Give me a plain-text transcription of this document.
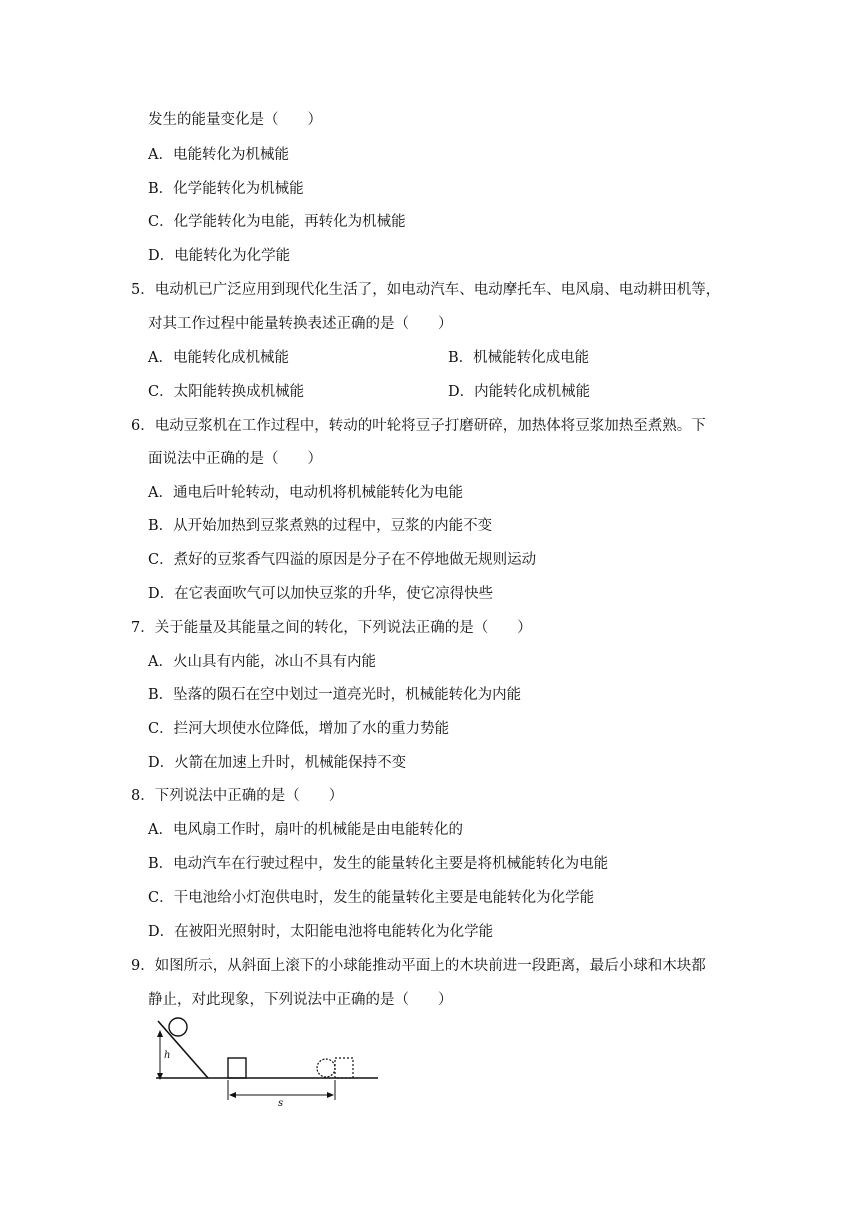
发生的能量变化是（　　）
A．电能转化为机械能
B．化学能转化为机械能
C．化学能转化为电能，再转化为机械能
D．电能转化为化学能
5．电动机已广泛应用到现代化生活了，如电动汽车、电动摩托车、电风扇、电动耕田机等，
对其工作过程中能量转换表述正确的是（　　）
A．电能转化成机械能	B．机械能转化成电能
C．太阳能转换成机械能	D．内能转化成机械能
6．电动豆浆机在工作过程中，转动的叶轮将豆子打磨研碎，加热体将豆浆加热至煮熟。下
面说法中正确的是（　　）
A．通电后叶轮转动，电动机将机械能转化为电能
B．从开始加热到豆浆煮熟的过程中，豆浆的内能不变
C．煮好的豆浆香气四溢的原因是分子在不停地做无规则运动
D．在它表面吹气可以加快豆浆的升华，使它凉得快些
7．关于能量及其能量之间的转化，下列说法正确的是（　　）
A．火山具有内能，冰山不具有内能
B．坠落的陨石在空中划过一道亮光时，机械能转化为内能
C．拦河大坝使水位降低，增加了水的重力势能
D．火箭在加速上升时，机械能保持不变
8．下列说法中正确的是（　　）
A．电风扇工作时，扇叶的机械能是由电能转化的
B．电动汽车在行驶过程中，发生的能量转化主要是将机械能转化为电能
C．干电池给小灯泡供电时，发生的能量转化主要是电能转化为化学能
D．在被阳光照射时，太阳能电池将电能转化为化学能
9．如图所示，从斜面上滚下的小球能推动平面上的木块前进一段距离，最后小球和木块都
静止，对此现象，下列说法中正确的是（　　）
h
s
